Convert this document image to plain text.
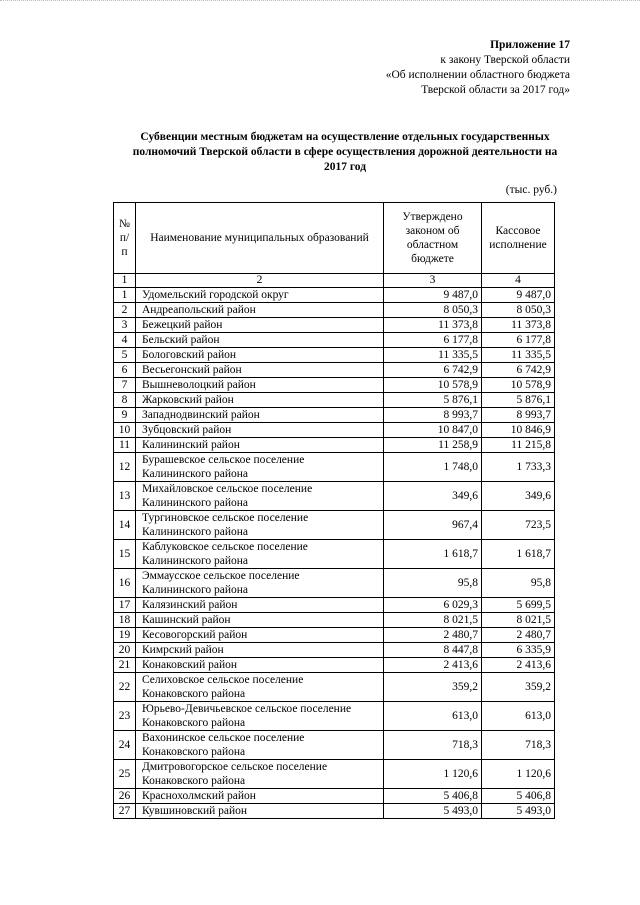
Приложение 17
к закону Тверской области
«Об исполнении областного бюджета
Тверской области за 2017 год»
Субвенции местным бюджетам на осуществление отдельных государственных
полномочий Тверской области в сфере осуществления дорожной деятельности на
2017 год
(тыс. руб.)
№ п/п	Наименование муниципальных образований	Утверждено законом об областном бюджете	Кассовое исполнение
1	2	3	4
1	Удомельский городской округ	9 487,0	9 487,0
2	Андреапольский район	8 050,3	8 050,3
3	Бежецкий район	11 373,8	11 373,8
4	Бельский район	6 177,8	6 177,8
5	Бологовский район	11 335,5	11 335,5
6	Весьегонский район	6 742,9	6 742,9
7	Вышневолоцкий район	10 578,9	10 578,9
8	Жарковский район	5 876,1	5 876,1
9	Западнодвинский район	8 993,7	8 993,7
10	Зубцовский район	10 847,0	10 846,9
11	Калининский район	11 258,9	11 215,8
12	Бурашевское сельское поселение
Калининского района	1 748,0	1 733,3
13	Михайловское сельское поселение
Калининского района	349,6	349,6
14	Тургиновское сельское поселение
Калининского района	967,4	723,5
15	Каблуковское сельское поселение
Калининского района	1 618,7	1 618,7
16	Эммаусское сельское поселение
Калининского района	95,8	95,8
17	Калязинский район	6 029,3	5 699,5
18	Кашинский район	8 021,5	8 021,5
19	Кесовогорский район	2 480,7	2 480,7
20	Кимрский район	8 447,8	6 335,9
21	Конаковский район	2 413,6	2 413,6
22	Селиховское сельское поселение
Конаковского района	359,2	359,2
23	Юрьево-Девичьевское сельское поселение
Конаковского района	613,0	613,0
24	Вахонинское сельское поселение
Конаковского района	718,3	718,3
25	Дмитровогорское сельское поселение
Конаковского района	1 120,6	1 120,6
26	Краснохолмский район	5 406,8	5 406,8
27	Кувшиновский район	5 493,0	5 493,0
